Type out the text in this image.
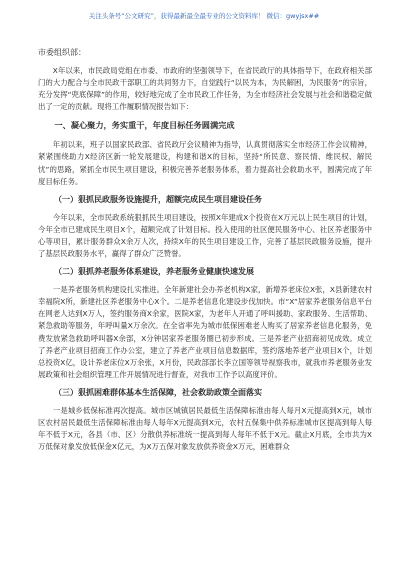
关注头条号“公文研究”，获得最新最全最专业的公文资料库！ 微信：gwyjsx##

市委组织部：

X年以来，市民政局党组在市委、市政府的坚强领导下，在省民政厅的具体指导下，在政府相关部门的大力配合与全市民政干部职工的共同努力下，自觉践行“以民为本，为民解困，为民服务”的宗旨，充分发挥“兜底保障”的作用，较好地完成了全市民政工作任务，为全市经济社会发展与社会和谐稳定做出了一定的贡献。现将工作履职情况报告如下：

一、凝心聚力，务实重干，年度目标任务圆满完成

年初以来，班子以国家民政部、省民政厅会议精神为指导，认真贯彻落实全市经济工作会议精神，紧紧围绕助力X经济区新一轮发展建设，构建和谐X的目标，坚持“所民意、察民情、维民权、解民忧”的思路，紧抓全市民生项目建设，积极完善养老服务体系，着力提高社会救助水平，圆满完成了年度目标任务。

（一）狠抓民政服务设施提升，超额完成民生项目建设任务

今年以来，全市民政系统狠抓民生项目建设，按照X年建成X个投资在X万元以上民生项目的计划，今年全市已建成民生项目X个，超额完成了计划目标。投入使用的社区便民服务中心、社区养老服务中心等项目，累计服务群众X余万人次，持续X年的民生项目建设工作，完善了基层民政服务设施，提升了基层民政服务水平，赢得了群众广泛赞誉。

（二）狠抓养老服务体系建设，养老服务业健康快速发展

一是养老服务机构建设扎实推进。全年新建社会办养老机构X家，新增养老床位X张，X县新建农村幸福院X所，新建社区养老服务中心X个。二是养老信息化建设步伐加快。市“X”居家养老服务信息平台在网老人达到X万人，签约服务商X余家，医院X家，为老年人开通了呼叫援助、家政服务、生活帮助、紧急救助等服务，年呼叫量X万余次。在全省率先为城市低保困难老人购买了居家养老信息化服务，免费发放紧急救助呼叫器X余部，X分钟居家养老服务圈已初步形成。三是养老产业招商初见成效。成立了养老产业项目招商工作办公室，建立了养老产业项目信息数据库，签约落地养老产业项目X个，计划总投资X亿，设计养老床位X万余张，X月份，民政部部长李立国等领导视察我市，就我市养老服务业发展政策和社会组织管理工作开展情况进行督查，对我市工作予以高度评价。

（三）狠抓困难群体基本生活保障，社会救助政策全面落实

一是城乡低保标准再次提高。城市区城镇居民最低生活保障标准由每人每月X元提高到X元，城市区农村居民最低生活保障标准由每人每年X元提高到X元，农村五保集中供养标准城市区提高到每人每年不低于X元，各县（市、区）分散供养标准统一提高到每人每年不低于X元。截止X月底，全市共为X万低保对象发放低保金X亿元，为X万五保对象发放供养资金X万元，困难群众
